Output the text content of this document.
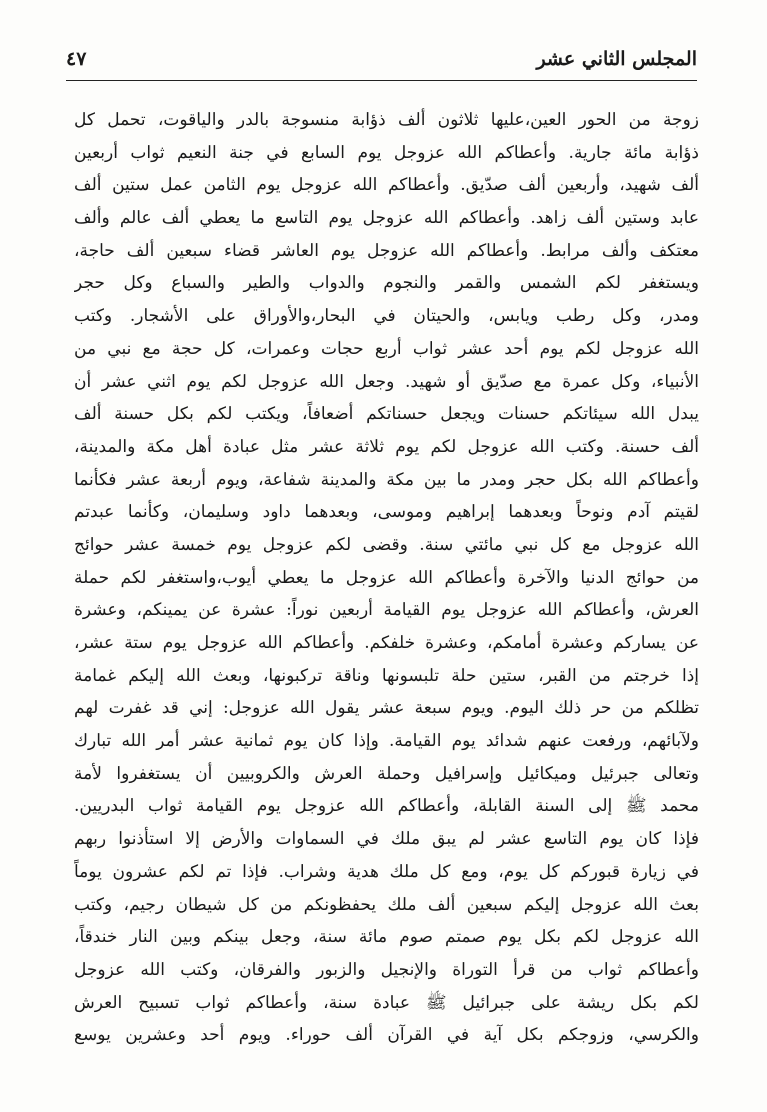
المجلس الثاني عشر
٤٧
زوجة من الحور العين،عليها ثلاثون ألف ذؤابة منسوجة بالدر والياقوت، تحمل كل
ذؤابة مائة جارية. وأعطاكم الله عزوجل يوم السابع في جنة النعيم ثواب أربعين
ألف شهيد، وأربعين ألف صدّيق. وأعطاكم الله عزوجل يوم الثامن عمل ستين ألف
عابد وستين ألف زاهد. وأعطاكم الله عزوجل يوم التاسع ما يعطي ألف عالم وألف
معتكف وألف مرابط. وأعطاكم الله عزوجل يوم العاشر قضاء سبعين ألف حاجة،
ويستغفر لكم الشمس والقمر والنجوم والدواب والطير والسباع وكل حجر
ومدر، وكل رطب ويابس، والحيتان في البحار،والأوراق على الأشجار. وكتب
الله عزوجل لكم يوم أحد عشر ثواب أربع حجات وعمرات، كل حجة مع نبي من
الأنبياء، وكل عمرة مع صدّيق أو شهيد. وجعل الله عزوجل لكم يوم اثني عشر أن
يبدل الله سيئاتكم حسنات ويجعل حسناتكم أضعافاً، ويكتب لكم بكل حسنة ألف
ألف حسنة. وكتب الله عزوجل لكم يوم ثلاثة عشر مثل عبادة أهل مكة والمدينة،
وأعطاكم الله بكل حجر ومدر ما بين مكة والمدينة شفاعة، ويوم أربعة عشر فكأنما
لقيتم آدم ونوحاً وبعدهما إبراهيم وموسى، وبعدهما داود وسليمان، وكأنما عبدتم
الله عزوجل مع كل نبي مائتي سنة. وقضى لكم عزوجل يوم خمسة عشر حوائج
من حوائج الدنيا والآخرة وأعطاكم الله عزوجل ما يعطي أيوب،واستغفر لكم حملة
العرش، وأعطاكم الله عزوجل يوم القيامة أربعين نوراً: عشرة عن يمينكم، وعشرة
عن يساركم وعشرة أمامكم، وعشرة خلفكم. وأعطاكم الله عزوجل يوم ستة عشر،
إذا خرجتم من القبر، ستين حلة تلبسونها وناقة تركبونها، وبعث الله إليكم غمامة
تظلكم من حر ذلك اليوم. ويوم سبعة عشر يقول الله عزوجل: إني قد غفرت لهم
ولآبائهم، ورفعت عنهم شدائد يوم القيامة. وإذا كان يوم ثمانية عشر أمر الله تبارك
وتعالى جبرئيل وميكائيل وإسرافيل وحملة العرش والكروبيين أن يستغفروا لأمة
محمد ﷺ إلى السنة القابلة، وأعطاكم الله عزوجل يوم القيامة ثواب البدريين.
فإذا كان يوم التاسع عشر لم يبق ملك في السماوات والأرض إلا استأذنوا ربهم
في زيارة قبوركم كل يوم، ومع كل ملك هدية وشراب. فإذا تم لكم عشرون يوماً
بعث الله عزوجل إليكم سبعين ألف ملك يحفظونكم من كل شيطان رجيم، وكتب
الله عزوجل لكم بكل يوم صمتم صوم مائة سنة، وجعل بينكم وبين النار خندقاً،
وأعطاكم ثواب من قرأ التوراة والإنجيل والزبور والفرقان، وكتب الله عزوجل
لكم بكل ريشة على جبرائيل ﷺ عبادة سنة، وأعطاكم ثواب تسبيح العرش
والكرسي، وزوجكم بكل آية في القرآن ألف حوراء. ويوم أحد وعشرين يوسع
